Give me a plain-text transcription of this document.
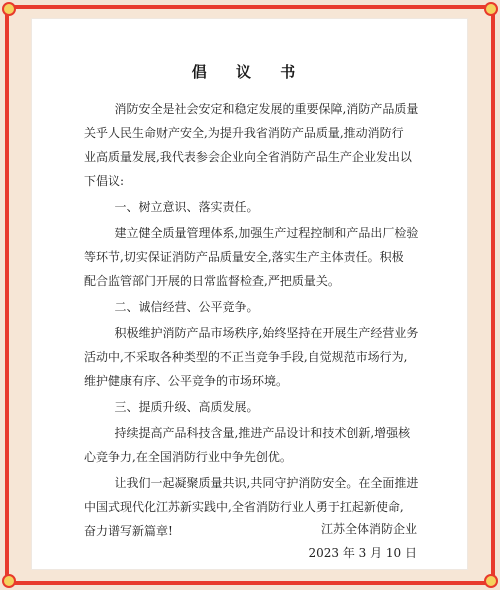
倡 议 书
消防安全是社会安定和稳定发展的重要保障,消防产品质量
关乎人民生命财产安全,为提升我省消防产品质量,推动消防行
业高质量发展,我代表参会企业向全省消防产品生产企业发出以
下倡议:
一、树立意识、落实责任。
建立健全质量管理体系,加强生产过程控制和产品出厂检验
等环节,切实保证消防产品质量安全,落实生产主体责任。积极
配合监管部门开展的日常监督检查,严把质量关。
二、诚信经营、公平竞争。
积极维护消防产品市场秩序,始终坚持在开展生产经营业务
活动中,不采取各种类型的不正当竞争手段,自觉规范市场行为,
维护健康有序、公平竞争的市场环境。
三、提质升级、高质发展。
持续提高产品科技含量,推进产品设计和技术创新,增强核
心竞争力,在全国消防行业中争先创优。
让我们一起凝聚质量共识,共同守护消防安全。在全面推进
中国式现代化江苏新实践中,全省消防行业人勇于扛起新使命,
奋力谱写新篇章!	江苏全体消防企业
2023 年 3 月 10 日
